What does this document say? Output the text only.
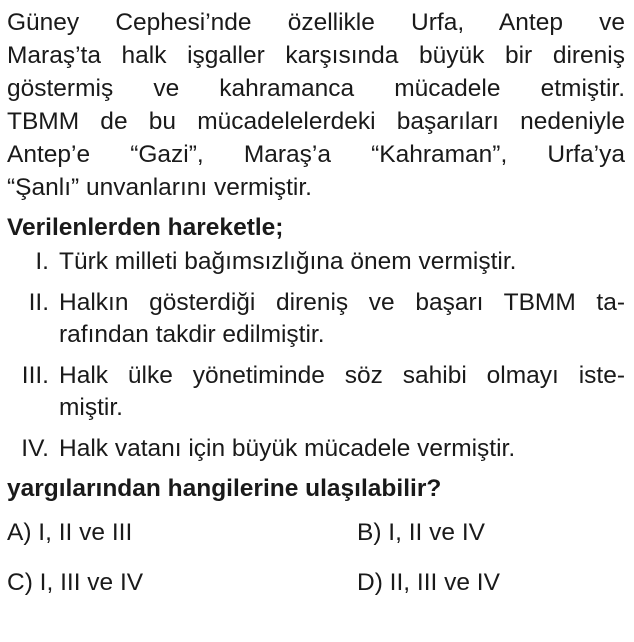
Güney Cephesi’nde özellikle Urfa, Antep ve
Maraş’ta halk işgaller karşısında büyük bir direniş
göstermiş ve kahramanca mücadele etmiştir.
TBMM de bu mücadelelerdeki başarıları nedeniyle
Antep’e “Gazi”, Maraş’a “Kahraman”, Urfa’ya
“Şanlı” unvanlarını vermiştir.
Verilenlerden hareketle;
I. Türk milleti bağımsızlığına önem vermiştir.
II. Halkın gösterdiği direniş ve başarı TBMM ta-
rafından takdir edilmiştir.
III. Halk ülke yönetiminde söz sahibi olmayı iste-
miştir.
IV. Halk vatanı için büyük mücadele vermiştir.
yargılarından hangilerine ulaşılabilir?
A) I, II ve III	B) I, II ve IV
C) I, III ve IV	D) II, III ve IV
